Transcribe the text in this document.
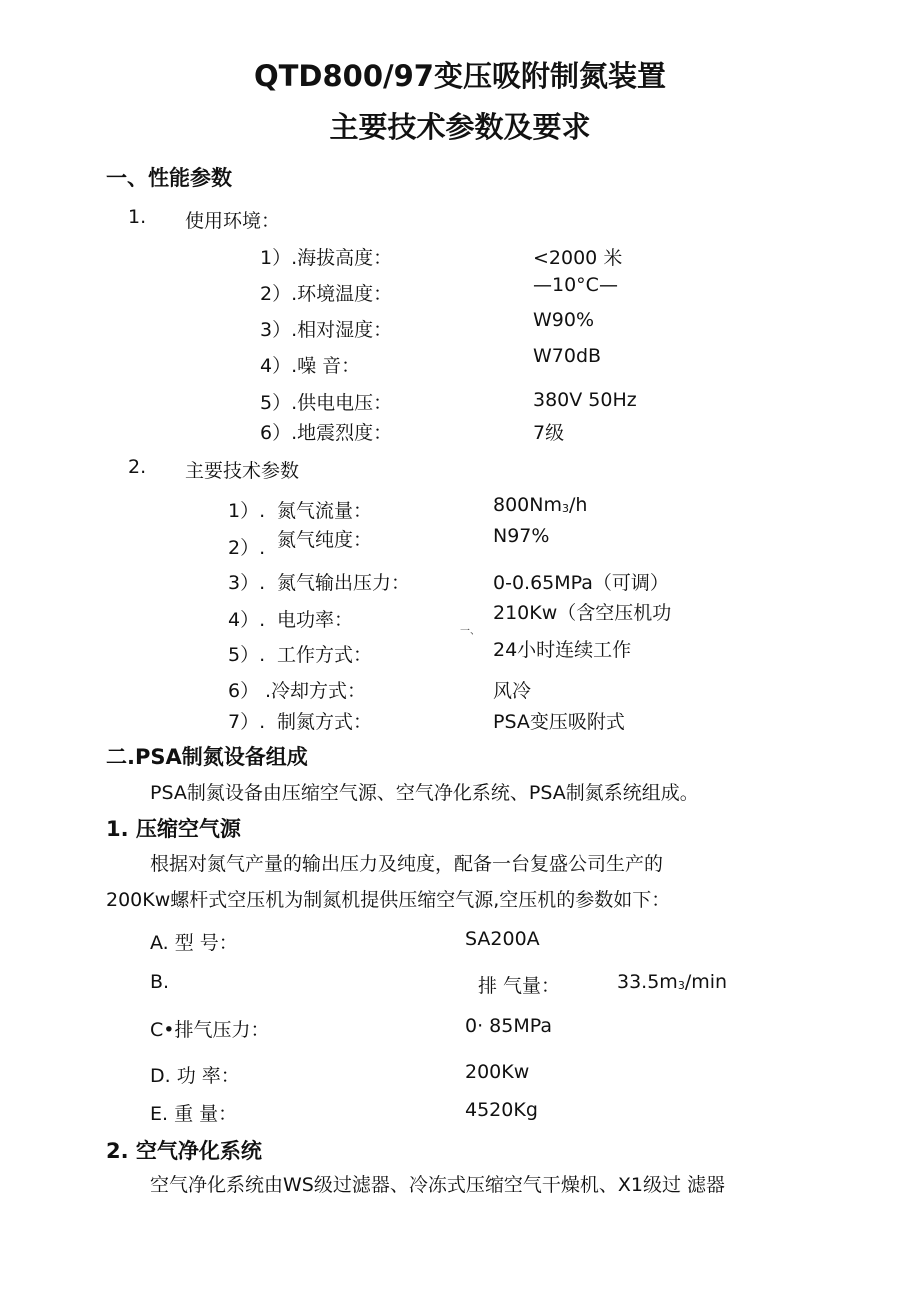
QTD800/97变压吸附制氮装置
主要技术参数及要求
一、性能参数
1. 使用环境：
1）.海拔高度：	<2000 米
2）.环境温度：	—10°C—
3）.相对湿度：	W90%
4）.噪 音：	W70dB
5）.供电电压：	380V 50Hz
6）.地震烈度：	7级
2. 主要技术参数
1）. 氮气流量：	800Nm3/h
2）. 氮气纯度：	N97%
3）. 氮气输出压力：	0-0.65MPa（可调）
4）. 电功率：	210Kw（含空压机功
一、
5）. 工作方式：	24小时连续工作
6） .冷却方式：	风冷
7）. 制氮方式：	PSA变压吸附式
二.PSA制氮设备组成
PSA制氮设备由压缩空气源、空气净化系统、PSA制氮系统组成。
1. 压缩空气源
根据对氮气产量的输出压力及纯度，配备一台复盛公司生产的
200Kw螺杆式空压机为制氮机提供压缩空气源,空压机的参数如下：
A. 型 号：	SA200A
B.	排 气量：	33.5m3/min
C•排气压力：	0· 85MPa
D. 功 率：	200Kw
E. 重 量：	4520Kg
2. 空气净化系统
空气净化系统由WS级过滤器、冷冻式压缩空气干燥机、X1级过 滤器
